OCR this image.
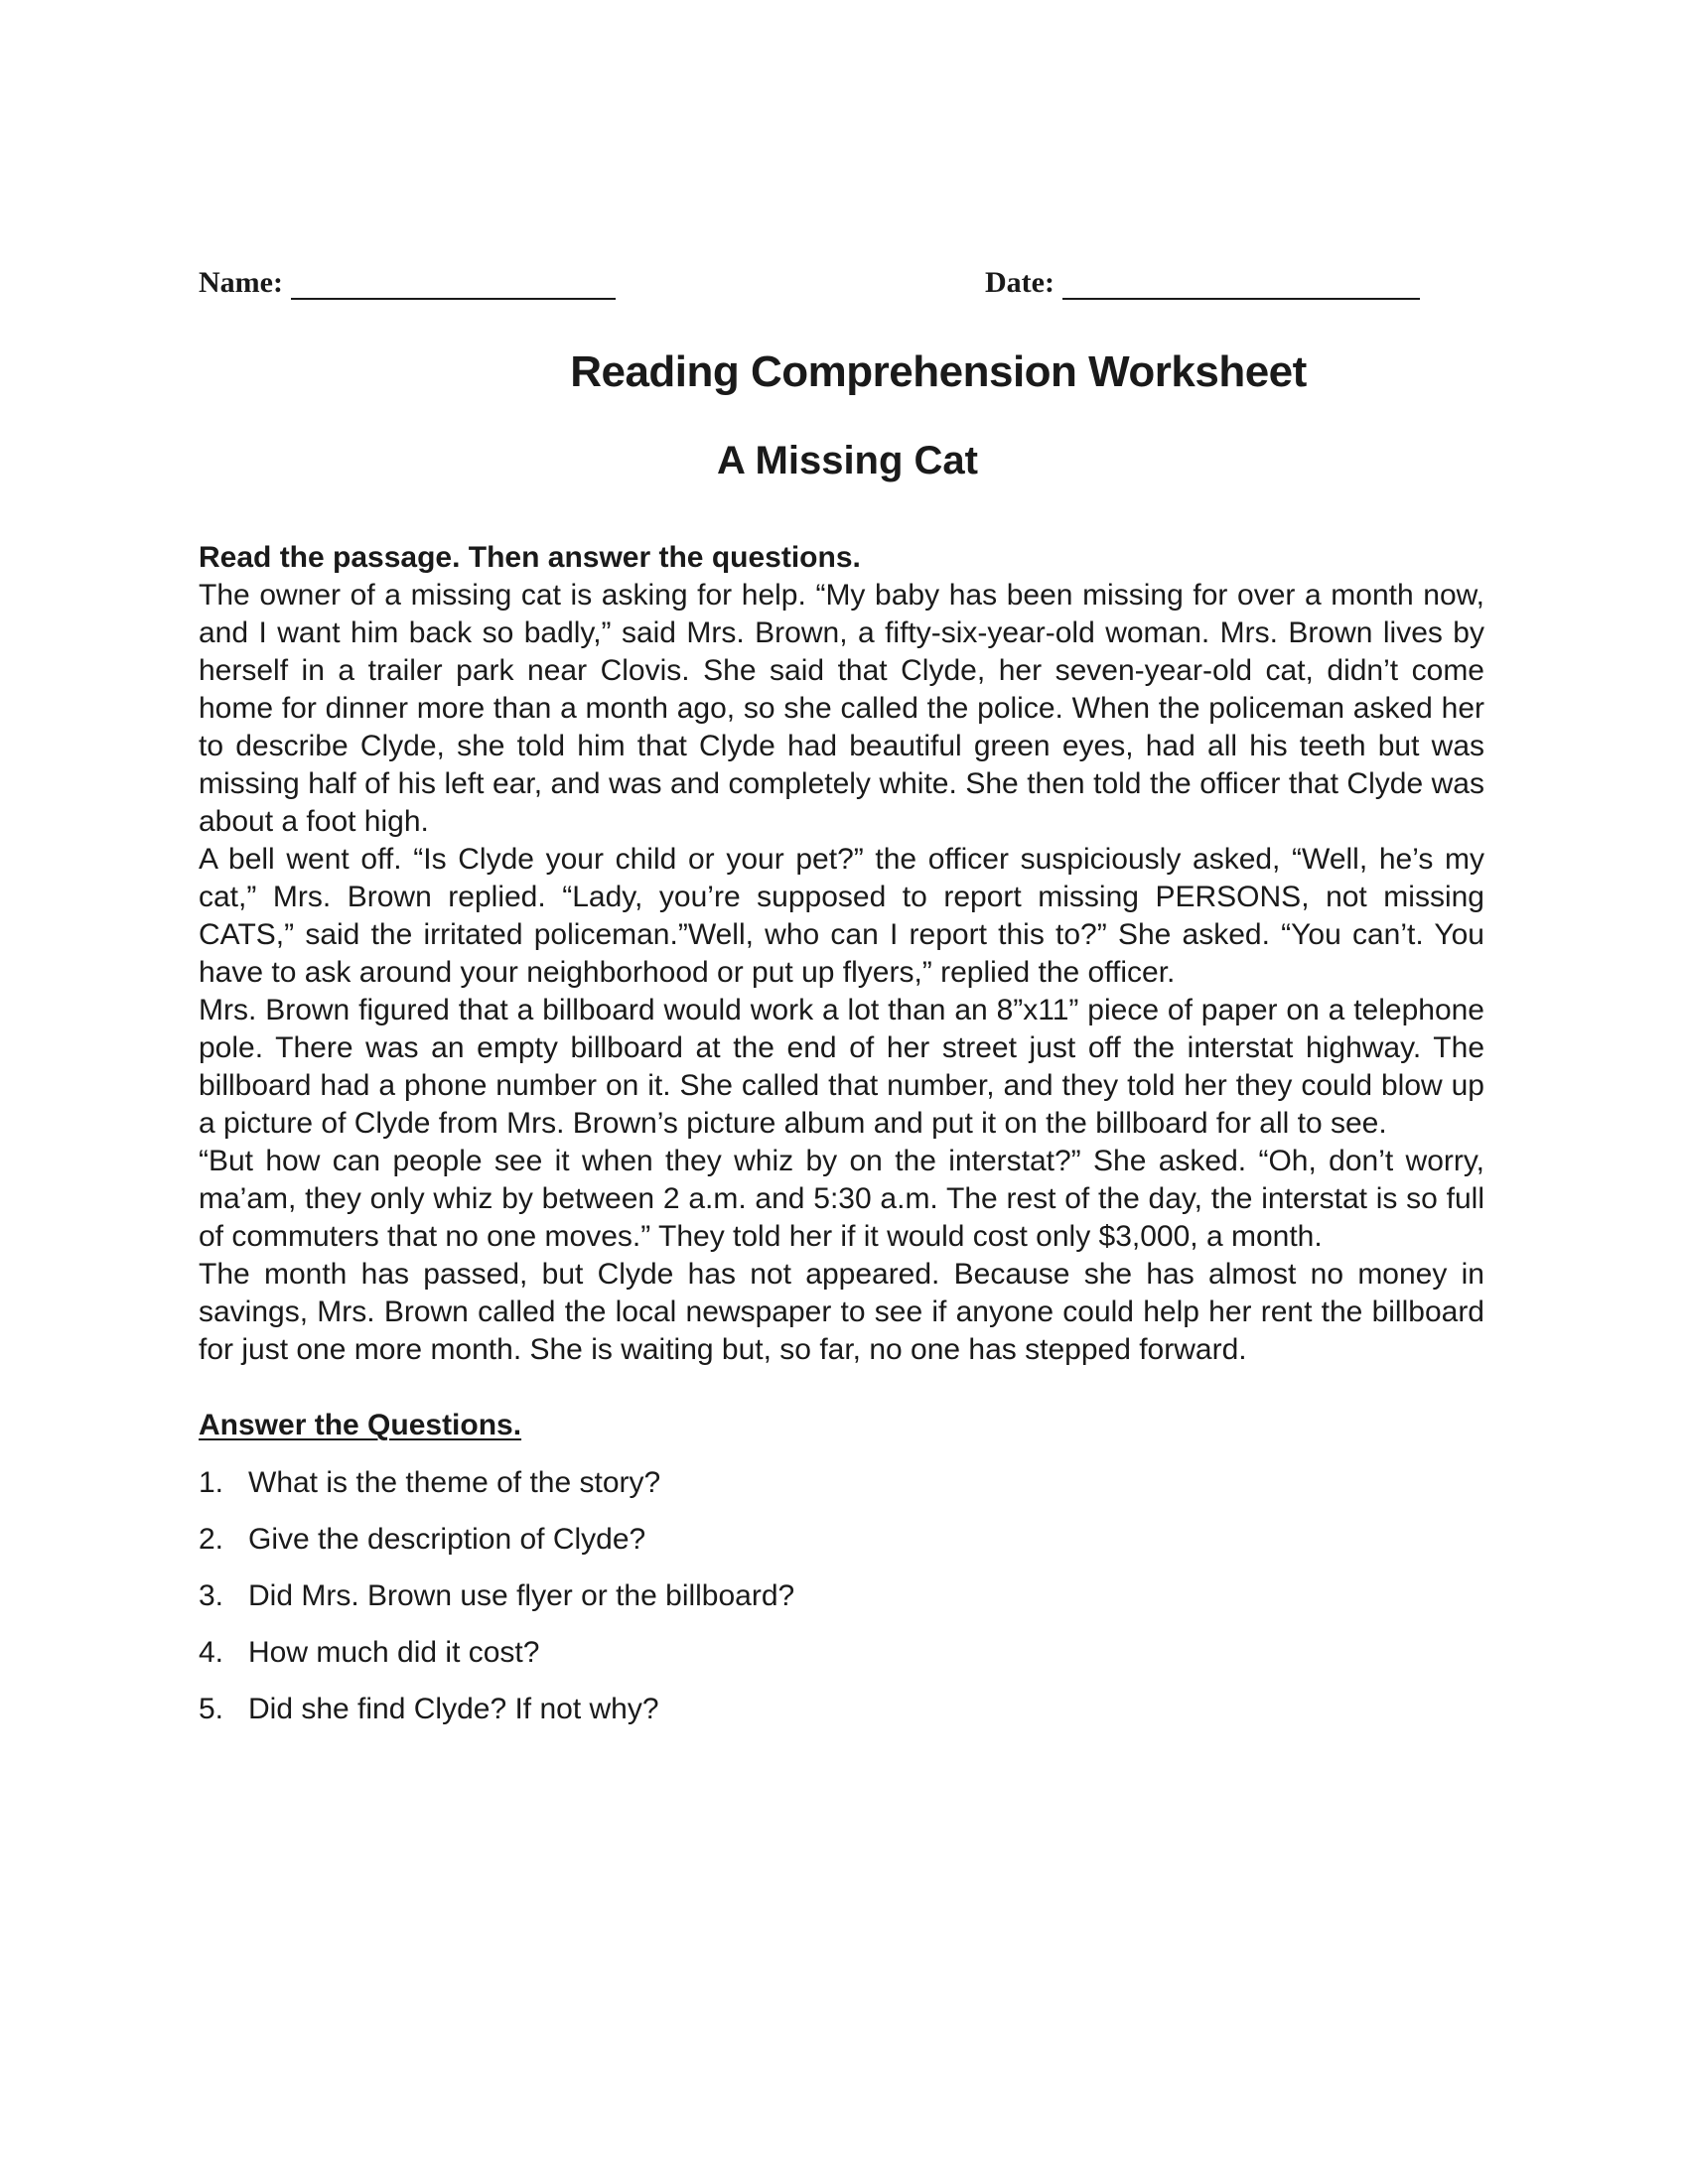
Name:	Date:
Reading Comprehension Worksheet
A Missing Cat

Read the passage. Then answer the questions.

The owner of a missing cat is asking for help. “My baby has been missing for over a month now, and I want him back so badly,” said Mrs. Brown, a fifty-six-year-old woman. Mrs. Brown lives by herself in a trailer park near Clovis. She said that Clyde, her seven-year-old cat, didn’t come home for dinner more than a month ago, so she called the police. When the policeman asked her to describe Clyde, she told him that Clyde had beautiful green eyes, had all his teeth but was missing half of his left ear, and was and completely white. She then told the officer that Clyde was about a foot high.

A bell went off. “Is Clyde your child or your pet?” the officer suspiciously asked, “Well, he’s my cat,” Mrs. Brown replied. “Lady, you’re supposed to report missing PERSONS, not missing CATS,” said the irritated policeman.”Well, who can I report this to?” She asked. “You can’t. You have to ask around your neighborhood or put up flyers,” replied the officer.

Mrs. Brown figured that a billboard would work a lot than an 8”x11” piece of paper on a telephone pole. There was an empty billboard at the end of her street just off the interstat highway. The billboard had a phone number on it. She called that number, and they told her they could blow up a picture of Clyde from Mrs. Brown’s picture album and put it on the billboard for all to see.

“But how can people see it when they whiz by on the interstat?” She asked. “Oh, don’t worry, ma’am, they only whiz by between 2 a.m. and 5:30 a.m. The rest of the day, the interstat is so full of commuters that no one moves.” They told her if it would cost only $3,000, a month.

The month has passed, but Clyde has not appeared. Because she has almost no money in savings, Mrs. Brown called the local newspaper to see if anyone could help her rent the billboard for just one more month. She is waiting but, so far, no one has stepped forward.

Answer the Questions.

1. What is the theme of the story?
2. Give the description of Clyde?
3. Did Mrs. Brown use flyer or the billboard?
4. How much did it cost?
5. Did she find Clyde? If not why?
